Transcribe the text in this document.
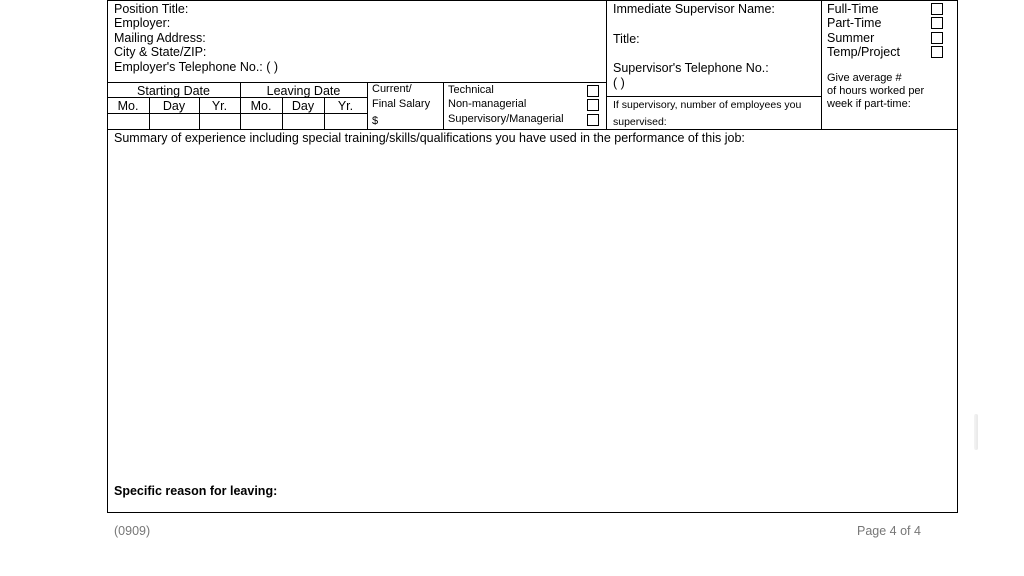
Position Title:
Employer:
Mailing Address:
City & State/ZIP:
Employer's Telephone No.: ( )
Starting Date	Leaving Date
Mo.	Day	Yr.	Mo.	Day	Yr.
Current/
Final Salary
$
Technical
Non-managerial
Supervisory/Managerial
Immediate Supervisor Name:
Title:
Supervisor's Telephone No.:
( )
If supervisory, number of employees you
supervised:
Full-Time
Part-Time
Summer
Temp/Project
Give average #
of hours worked per
week if part-time:
Summary of experience including special training/skills/qualifications you have used in the performance of this job:
Specific reason for leaving:
(0909)	Page 4 of 4
